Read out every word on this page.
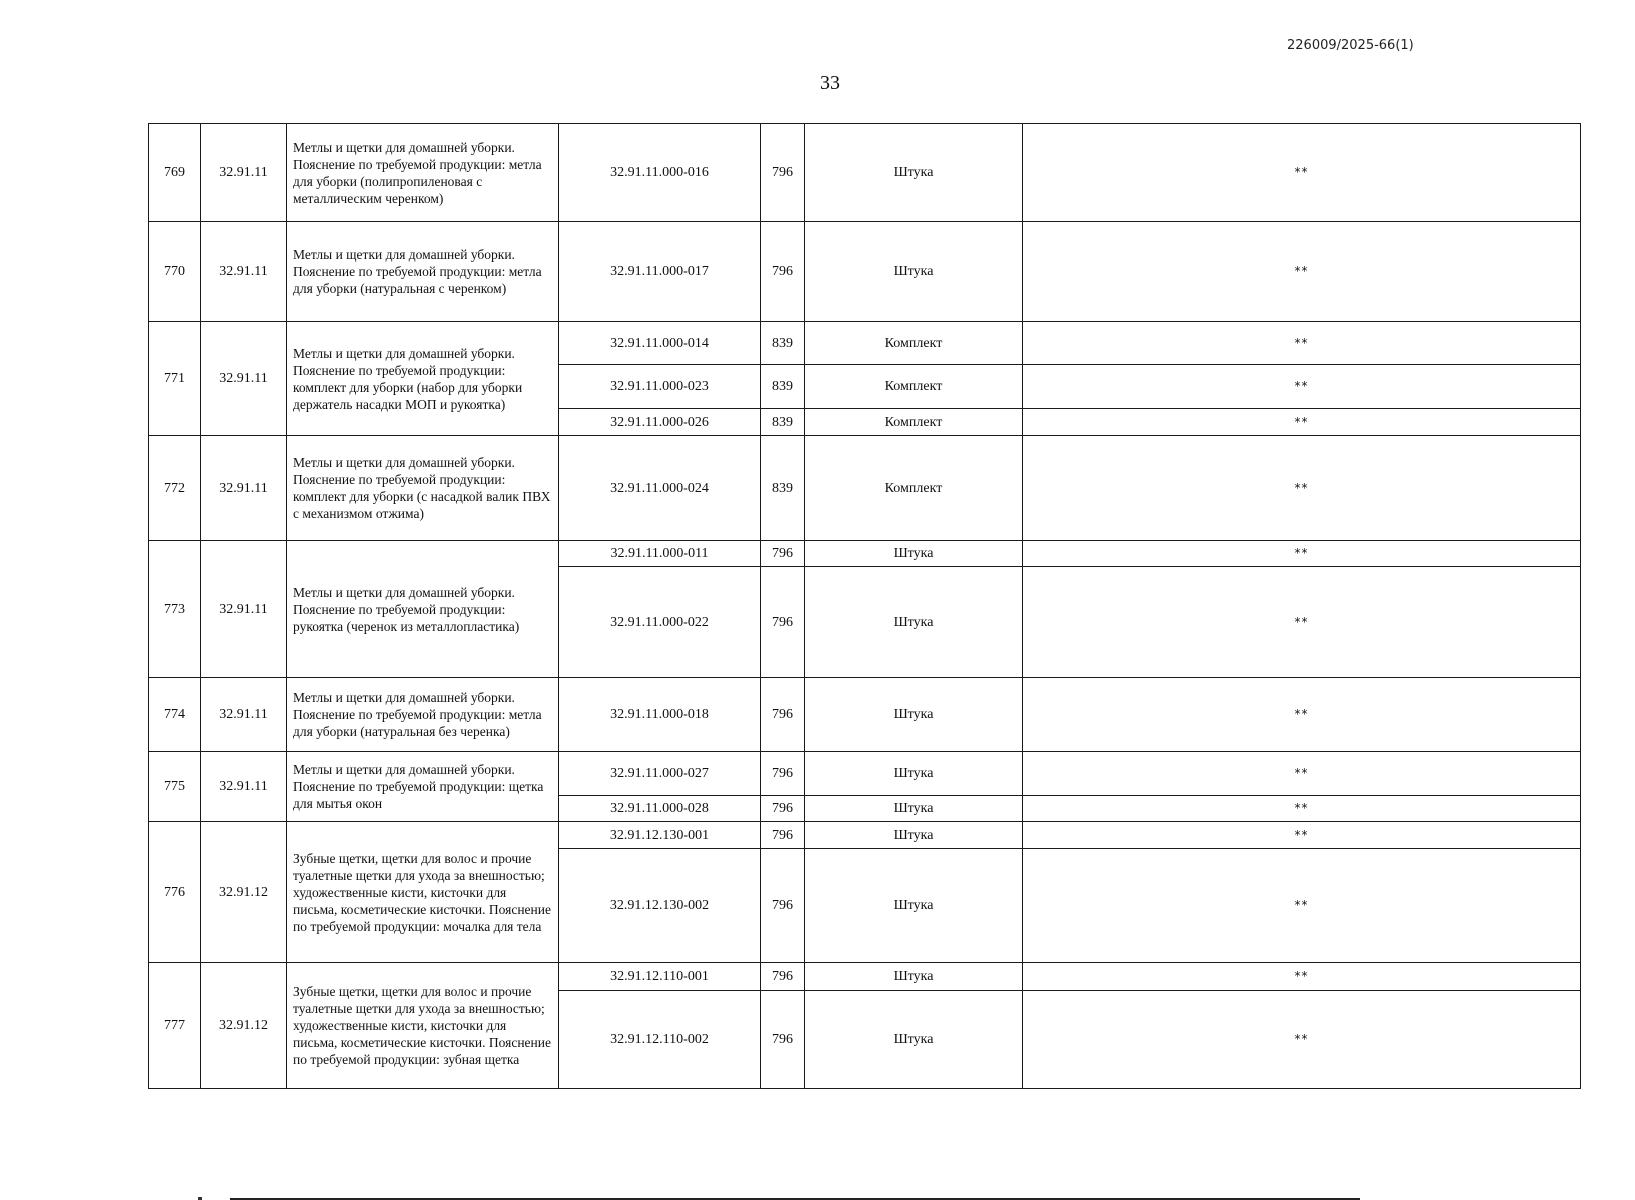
226009/2025-66(1)
33
769	32.91.11	Метлы и щетки для домашней уборки. Пояснение по требуемой продукции: метла для уборки (полипропиленовая с металлическим черенком)	32.91.11.000-016	796	Штука	**
770	32.91.11	Метлы и щетки для домашней уборки. Пояснение по требуемой продукции: метла для уборки (натуральная с черенком)	32.91.11.000-017	796	Штука	**
771	32.91.11	Метлы и щетки для домашней уборки. Пояснение по требуемой продукции: комплект для уборки (набор для уборки держатель насадки МОП и рукоятка)	32.91.11.000-014	839	Комплект	**
			32.91.11.000-023	839	Комплект	**
			32.91.11.000-026	839	Комплект	**
772	32.91.11	Метлы и щетки для домашней уборки. Пояснение по требуемой продукции: комплект для уборки (с насадкой валик ПВХ с механизмом отжима)	32.91.11.000-024	839	Комплект	**
773	32.91.11	Метлы и щетки для домашней уборки. Пояснение по требуемой продукции: рукоятка (черенок из металлопластика)	32.91.11.000-011	796	Штука	**
			32.91.11.000-022	796	Штука	**
774	32.91.11	Метлы и щетки для домашней уборки. Пояснение по требуемой продукции: метла для уборки (натуральная без черенка)	32.91.11.000-018	796	Штука	**
775	32.91.11	Метлы и щетки для домашней уборки. Пояснение по требуемой продукции: щетка для мытья окон	32.91.11.000-027	796	Штука	**
			32.91.11.000-028	796	Штука	**
776	32.91.12	Зубные щетки, щетки для волос и прочие туалетные щетки для ухода за внешностью; художественные кисти, кисточки для письма, косметические кисточки. Пояснение по требуемой продукции: мочалка для тела	32.91.12.130-001	796	Штука	**
			32.91.12.130-002	796	Штука	**
777	32.91.12	Зубные щетки, щетки для волос и прочие туалетные щетки для ухода за внешностью; художественные кисти, кисточки для письма, косметические кисточки. Пояснение по требуемой продукции: зубная щетка	32.91.12.110-001	796	Штука	**
			32.91.12.110-002	796	Штука	**
